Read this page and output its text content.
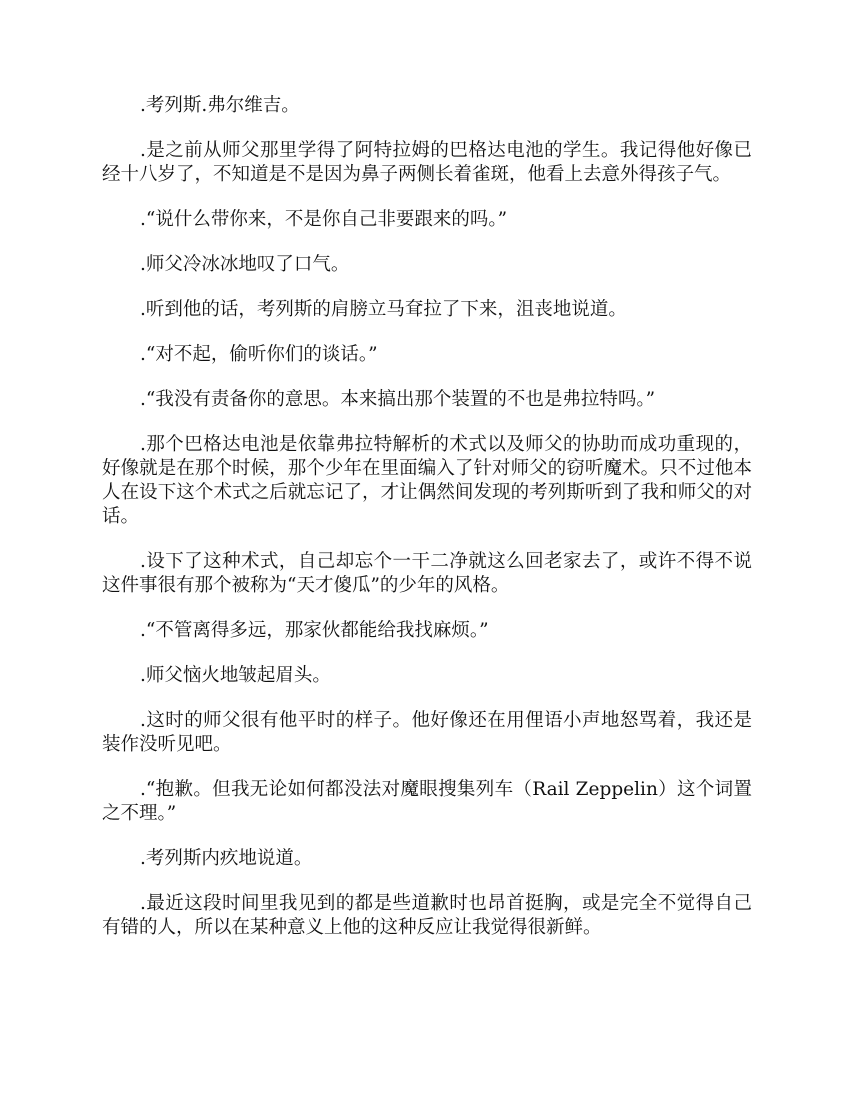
.考列斯.弗尔维吉。

.是之前从师父那里学得了阿特拉姆的巴格达电池的学生。我记得他好像已经十八岁了，不知道是不是因为鼻子两侧长着雀斑，他看上去意外得孩子气。

.“说什么带你来，不是你自己非要跟来的吗。”

.师父冷冰冰地叹了口气。

.听到他的话，考列斯的肩膀立马耷拉了下来，沮丧地说道。

.“对不起，偷听你们的谈话。”

.“我没有责备你的意思。本来搞出那个装置的不也是弗拉特吗。”

.那个巴格达电池是依靠弗拉特解析的术式以及师父的协助而成功重现的，好像就是在那个时候，那个少年在里面编入了针对师父的窃听魔术。只不过他本人在设下这个术式之后就忘记了，才让偶然间发现的考列斯听到了我和师父的对话。

.设下了这种术式，自己却忘个一干二净就这么回老家去了，或许不得不说这件事很有那个被称为“天才傻瓜”的少年的风格。

.“不管离得多远，那家伙都能给我找麻烦。”

.师父恼火地皱起眉头。

.这时的师父很有他平时的样子。他好像还在用俚语小声地怒骂着，我还是装作没听见吧。

.“抱歉。但我无论如何都没法对魔眼搜集列车（Rail Zeppelin）这个词置之不理。”

.考列斯内疚地说道。

.最近这段时间里我见到的都是些道歉时也昂首挺胸，或是完全不觉得自己有错的人，所以在某种意义上他的这种反应让我觉得很新鲜。
